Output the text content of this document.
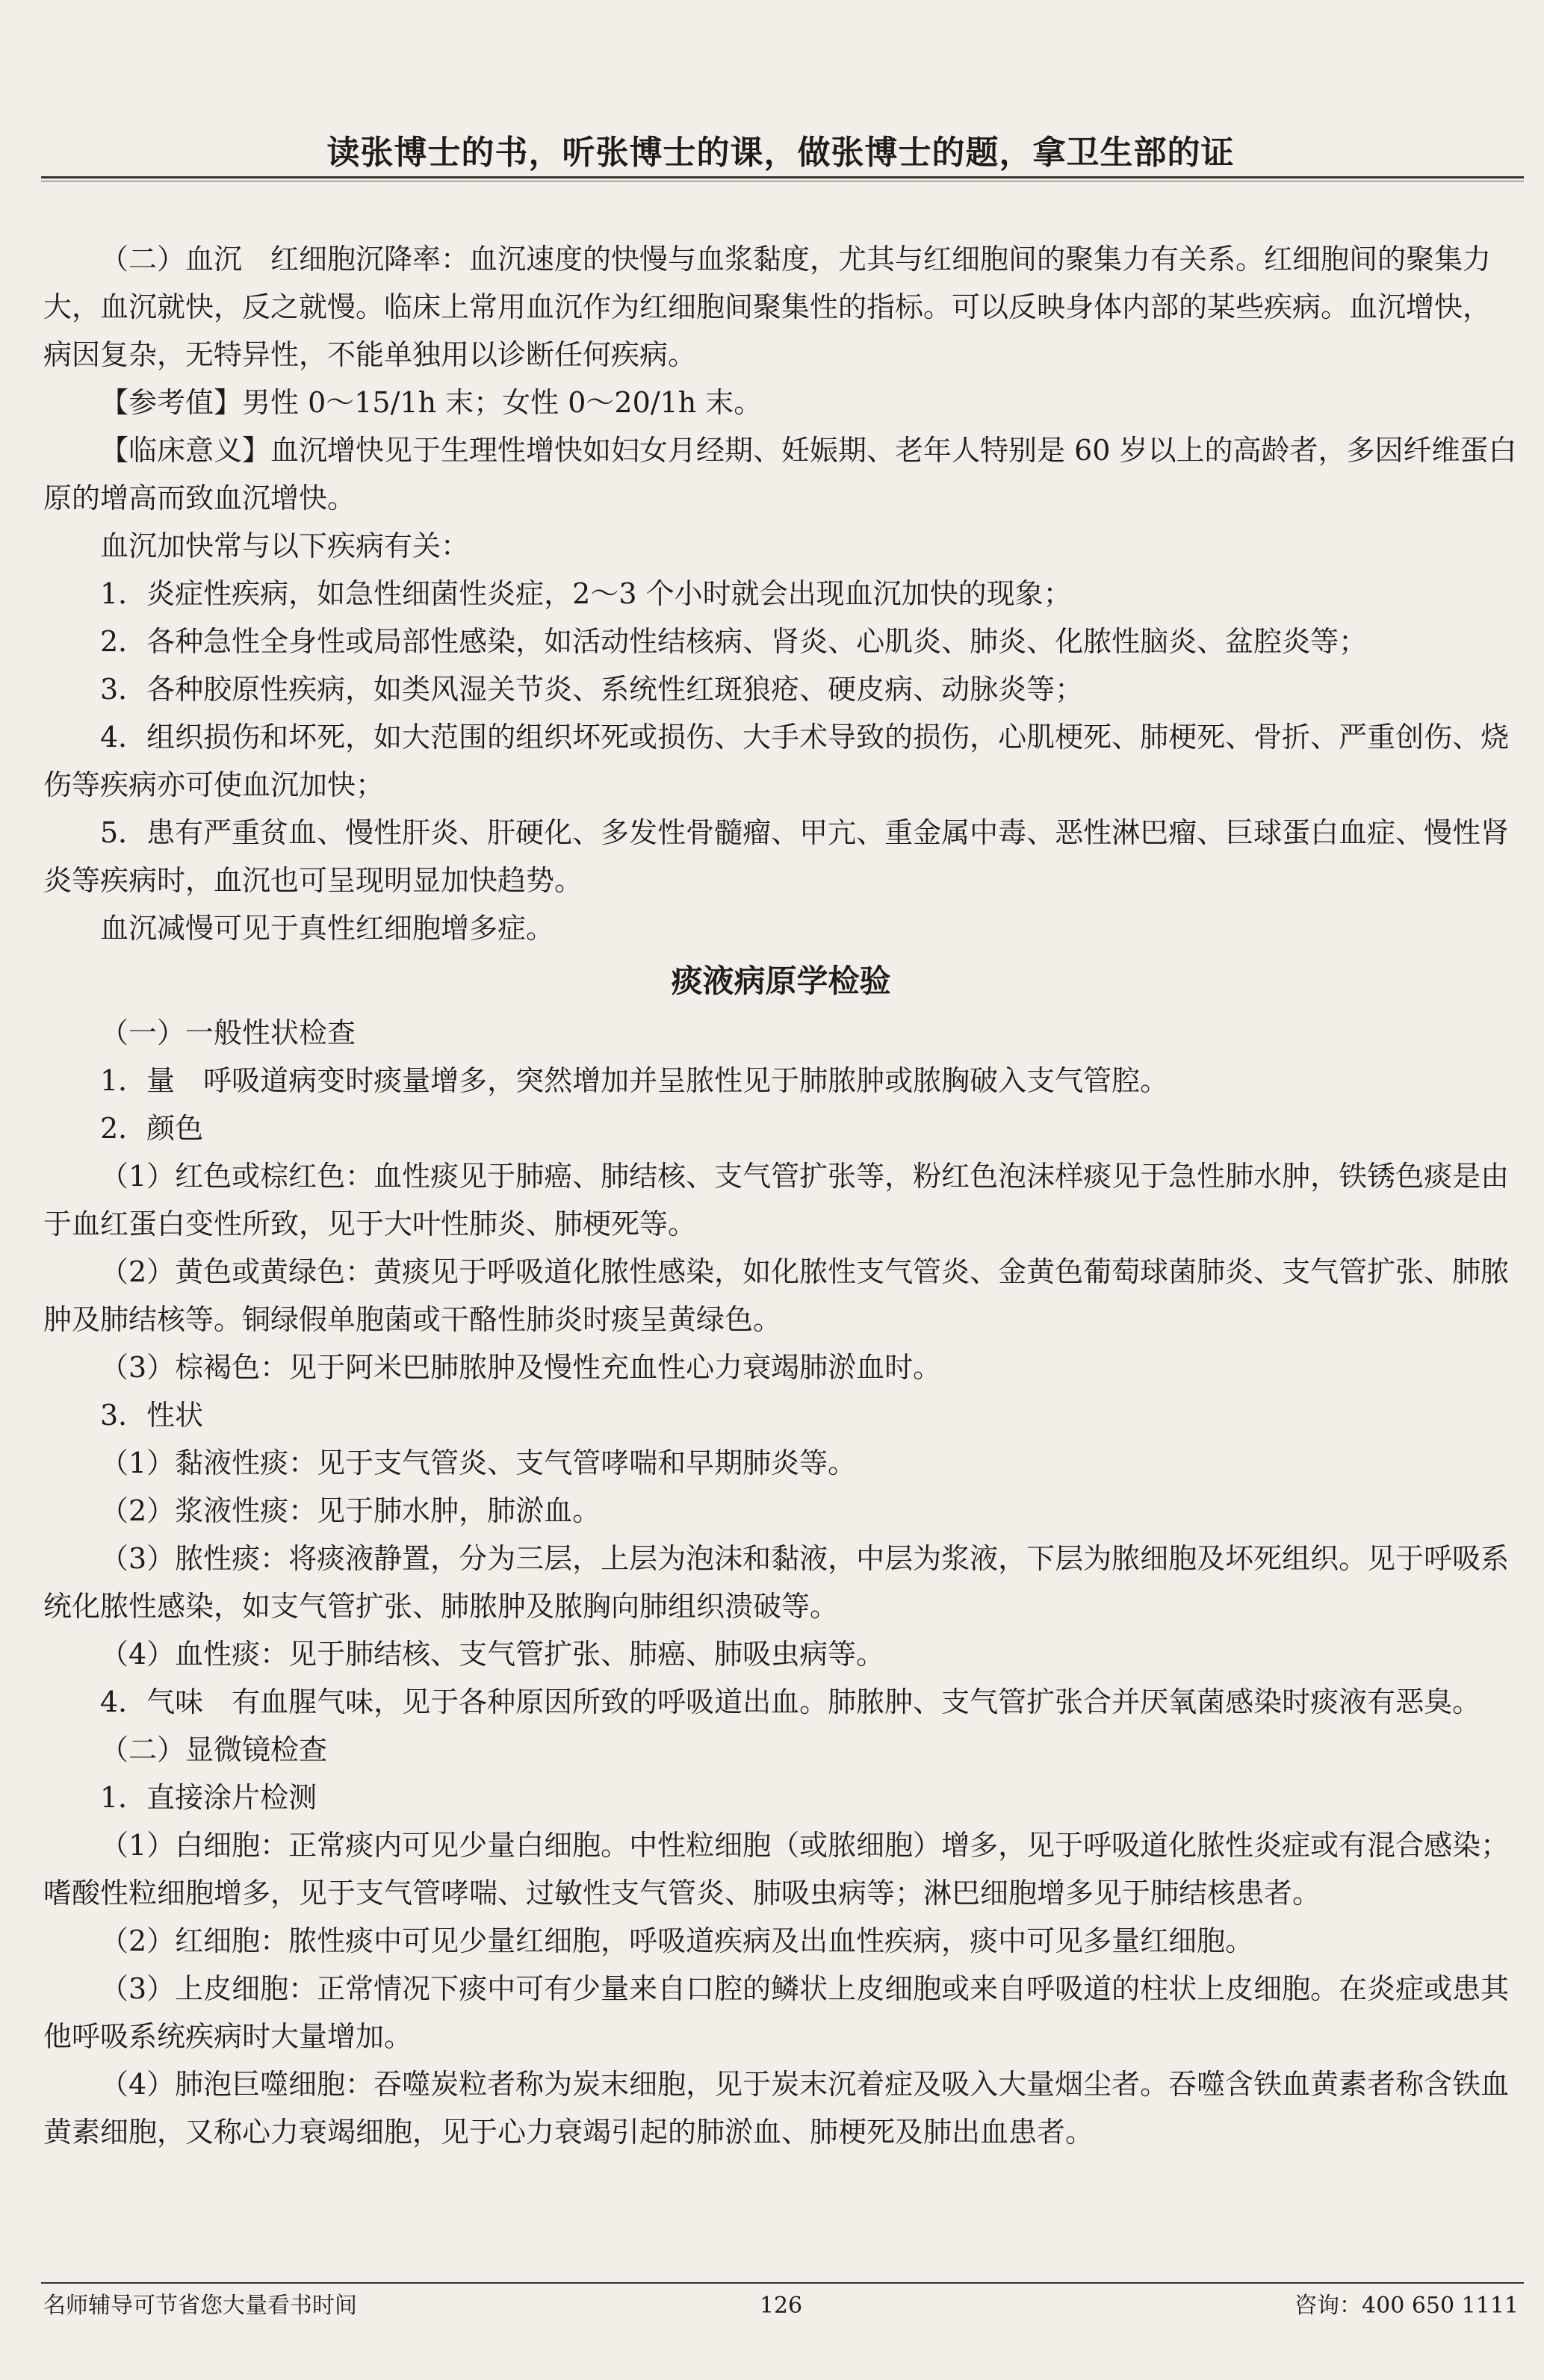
读张博士的书，听张博士的课，做张博士的题，拿卫生部的证

（二）血沉　红细胞沉降率：血沉速度的快慢与血浆黏度，尤其与红细胞间的聚集力有关系。红细胞间的聚集力大，血沉就快，反之就慢。临床上常用血沉作为红细胞间聚集性的指标。可以反映身体内部的某些疾病。血沉增快，病因复杂，无特异性，不能单独用以诊断任何疾病。

【参考值】男性 0～15/1h 末；女性 0～20/1h 末。

【临床意义】血沉增快见于生理性增快如妇女月经期、妊娠期、老年人特别是 60 岁以上的高龄者，多因纤维蛋白原的增高而致血沉增快。

血沉加快常与以下疾病有关：

1．炎症性疾病，如急性细菌性炎症，2～3 个小时就会出现血沉加快的现象；

2．各种急性全身性或局部性感染，如活动性结核病、肾炎、心肌炎、肺炎、化脓性脑炎、盆腔炎等；

3．各种胶原性疾病，如类风湿关节炎、系统性红斑狼疮、硬皮病、动脉炎等；

4．组织损伤和坏死，如大范围的组织坏死或损伤、大手术导致的损伤，心肌梗死、肺梗死、骨折、严重创伤、烧伤等疾病亦可使血沉加快；

5．患有严重贫血、慢性肝炎、肝硬化、多发性骨髓瘤、甲亢、重金属中毒、恶性淋巴瘤、巨球蛋白血症、慢性肾炎等疾病时，血沉也可呈现明显加快趋势。

血沉减慢可见于真性红细胞增多症。

痰液病原学检验

（一）一般性状检查

1．量　呼吸道病变时痰量增多，突然增加并呈脓性见于肺脓肿或脓胸破入支气管腔。

2．颜色

（1）红色或棕红色：血性痰见于肺癌、肺结核、支气管扩张等，粉红色泡沫样痰见于急性肺水肿，铁锈色痰是由于血红蛋白变性所致，见于大叶性肺炎、肺梗死等。

（2）黄色或黄绿色：黄痰见于呼吸道化脓性感染，如化脓性支气管炎、金黄色葡萄球菌肺炎、支气管扩张、肺脓肿及肺结核等。铜绿假单胞菌或干酪性肺炎时痰呈黄绿色。

（3）棕褐色：见于阿米巴肺脓肿及慢性充血性心力衰竭肺淤血时。

3．性状

（1）黏液性痰：见于支气管炎、支气管哮喘和早期肺炎等。

（2）浆液性痰：见于肺水肿，肺淤血。

（3）脓性痰：将痰液静置，分为三层，上层为泡沫和黏液，中层为浆液，下层为脓细胞及坏死组织。见于呼吸系统化脓性感染，如支气管扩张、肺脓肿及脓胸向肺组织溃破等。

（4）血性痰：见于肺结核、支气管扩张、肺癌、肺吸虫病等。

4．气味　有血腥气味，见于各种原因所致的呼吸道出血。肺脓肿、支气管扩张合并厌氧菌感染时痰液有恶臭。

（二）显微镜检查

1．直接涂片检测

（1）白细胞：正常痰内可见少量白细胞。中性粒细胞（或脓细胞）增多，见于呼吸道化脓性炎症或有混合感染；嗜酸性粒细胞增多，见于支气管哮喘、过敏性支气管炎、肺吸虫病等；淋巴细胞增多见于肺结核患者。

（2）红细胞：脓性痰中可见少量红细胞，呼吸道疾病及出血性疾病，痰中可见多量红细胞。

（3）上皮细胞：正常情况下痰中可有少量来自口腔的鳞状上皮细胞或来自呼吸道的柱状上皮细胞。在炎症或患其他呼吸系统疾病时大量增加。

（4）肺泡巨噬细胞：吞噬炭粒者称为炭末细胞，见于炭末沉着症及吸入大量烟尘者。吞噬含铁血黄素者称含铁血黄素细胞，又称心力衰竭细胞，见于心力衰竭引起的肺淤血、肺梗死及肺出血患者。

名师辅导可节省您大量看书时间	126	咨询：400 650 1111
